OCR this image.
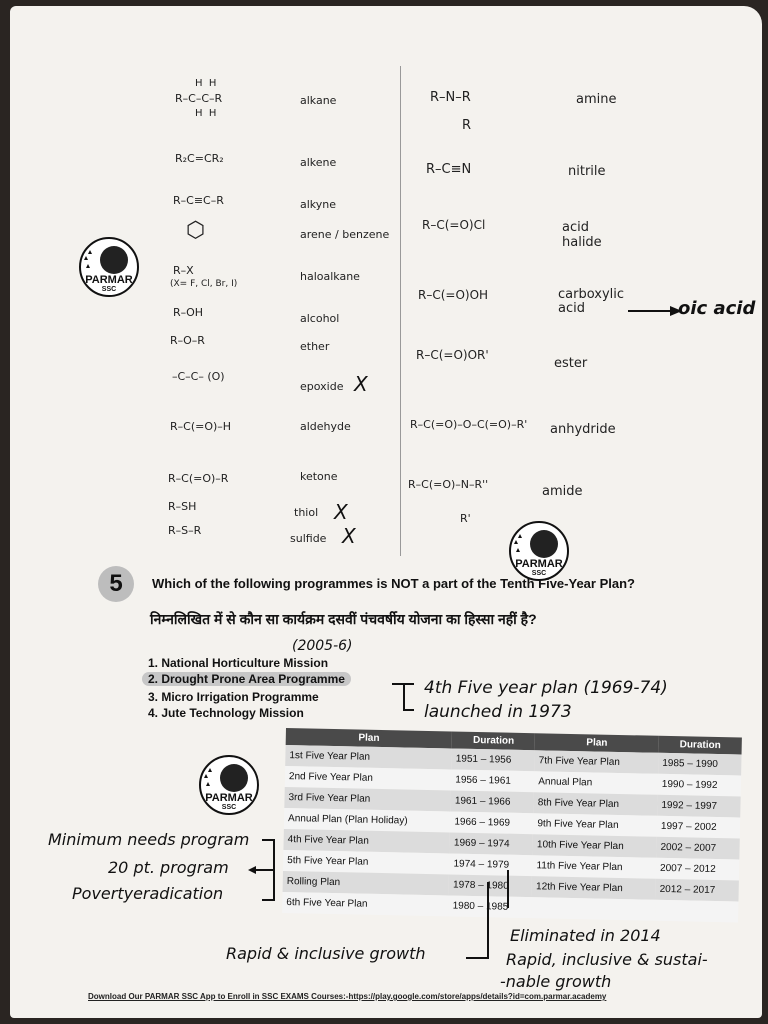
H  H
R–C–C–R
H  H
alkane
R₂C=CR₂	alkene
R–C≡C–R	alkyne
⬡	arene / benzene
R–X
(X= F, Cl, Br, I)
haloalkane
R–OH	alcohol
R–O–R	ether
–C–C– (O)
epoxide X
R–C(=O)–H	aldehyde
R–C(=O)–R	ketone
R–SH	thiol X
R–S–R
sulfide X
R–N–R
R
amine
R–C≡N	nitrile
R–C(=O)Cl	acid halide
R–C(=O)OH	carboxylic acid
R–C(=O)OR'
ester
R–C(=O)–O–C(=O)–R' anhydride
R–C(=O)–N–R''
R'
amide
oic acid
PARMAR
SSC
PARMAR
SSC
PARMAR
SSC
5	Which of the following programmes is NOT a part of the Tenth Five-Year Plan?
निम्नलिखित में से कौन सा कार्यक्रम दसवीं पंचवर्षीय योजना का हिस्सा नहीं है?
(2005-6)
1. National Horticulture Mission
2. Drought Prone Area Programme
3. Micro Irrigation Programme
4. Jute Technology Mission
4th Five year plan (1969-74)
launched in 1973
Plan	Duration	Plan	Duration
1st Five Year Plan	1951 – 1956	7th Five Year Plan	1985 – 1990
2nd Five Year Plan	1956 – 1961	Annual Plan	1990 – 1992
3rd Five Year Plan	1961 – 1966	8th Five Year Plan	1992 – 1997
Annual Plan (Plan Holiday)	1966 – 1969	9th Five Year Plan	1997 – 2002
4th Five Year Plan	1969 – 1974	10th Five Year Plan	2002 – 2007
5th Five Year Plan	1974 – 1979	11th Five Year Plan	2007 – 2012
Rolling Plan	1978 – 1980	12th Five Year Plan	2012 – 2017
6th Five Year Plan	1980 – 1985		
Minimum needs program
20 pt. program
Povertyeradication
Eliminated in 2014
Rapid & inclusive growth	Rapid, inclusive & sustai-
-nable growth
Download Our PARMAR SSC App to Enroll in SSC EXAMS Courses:-https://play.google.com/store/apps/details?id=com.parmar.academy
